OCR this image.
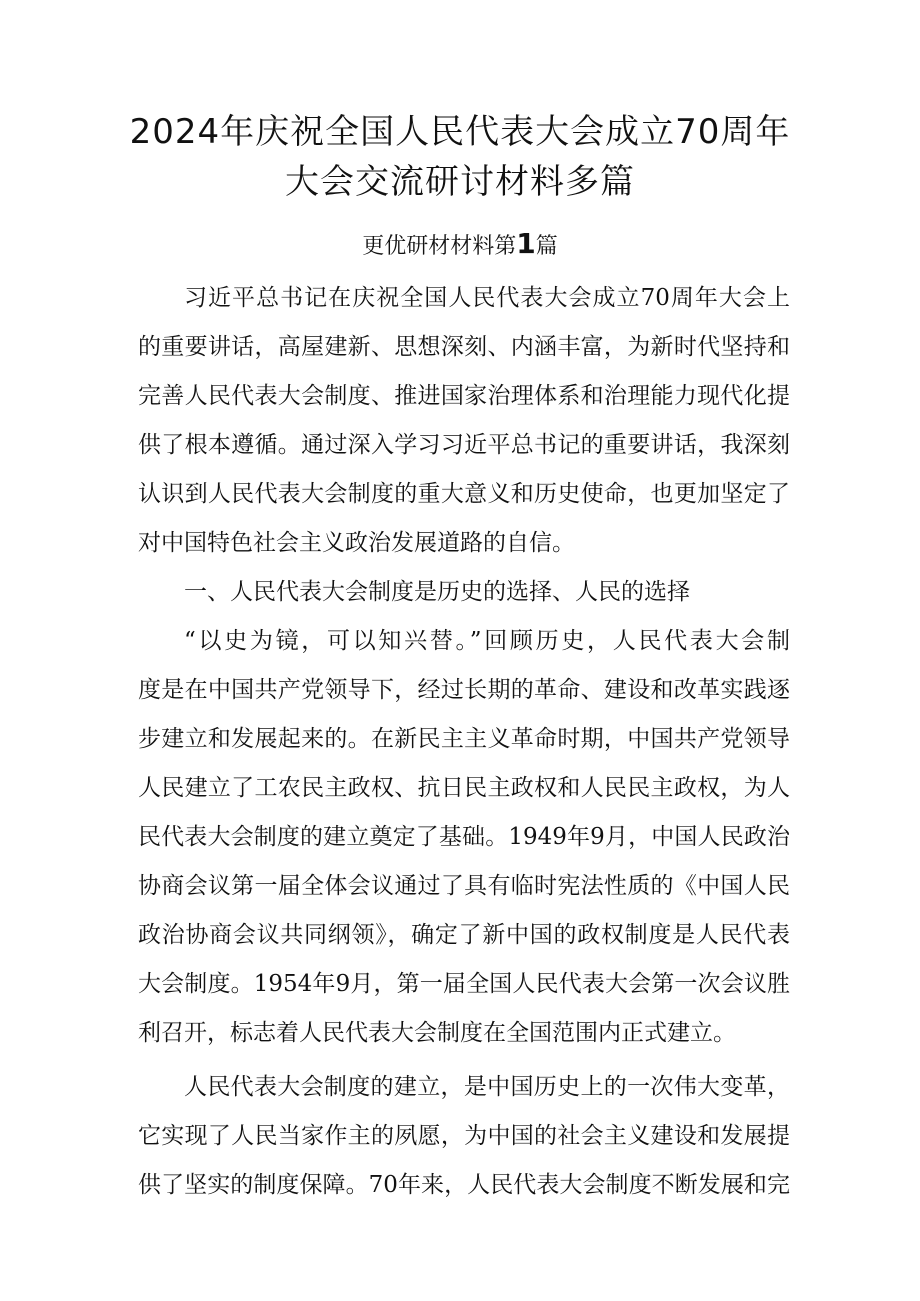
2024年庆祝全国人民代表大会成立70周年
大会交流研讨材料多篇
更优研材材料第1篇
习近平总书记在庆祝全国人民代表大会成立70周年大会上
的重要讲话，高屋建新、思想深刻、内涵丰富，为新时代坚持和
完善人民代表大会制度、推进国家治理体系和治理能力现代化提
供了根本遵循。通过深入学习习近平总书记的重要讲话，我深刻
认识到人民代表大会制度的重大意义和历史使命，也更加坚定了
对中国特色社会主义政治发展道路的自信。
一、人民代表大会制度是历史的选择、人民的选择
“以史为镜，可以知兴替。”回顾历史，人民代表大会制
度是在中国共产党领导下，经过长期的革命、建设和改革实践逐
步建立和发展起来的。在新民主主义革命时期，中国共产党领导
人民建立了工农民主政权、抗日民主政权和人民民主政权，为人
民代表大会制度的建立奠定了基础。1949年9月，中国人民政治
协商会议第一届全体会议通过了具有临时宪法性质的《中国人民
政治协商会议共同纲领》，确定了新中国的政权制度是人民代表
大会制度。1954年9月，第一届全国人民代表大会第一次会议胜
利召开，标志着人民代表大会制度在全国范围内正式建立。
人民代表大会制度的建立，是中国历史上的一次伟大变革，
它实现了人民当家作主的夙愿，为中国的社会主义建设和发展提
供了坚实的制度保障。70年来，人民代表大会制度不断发展和完
